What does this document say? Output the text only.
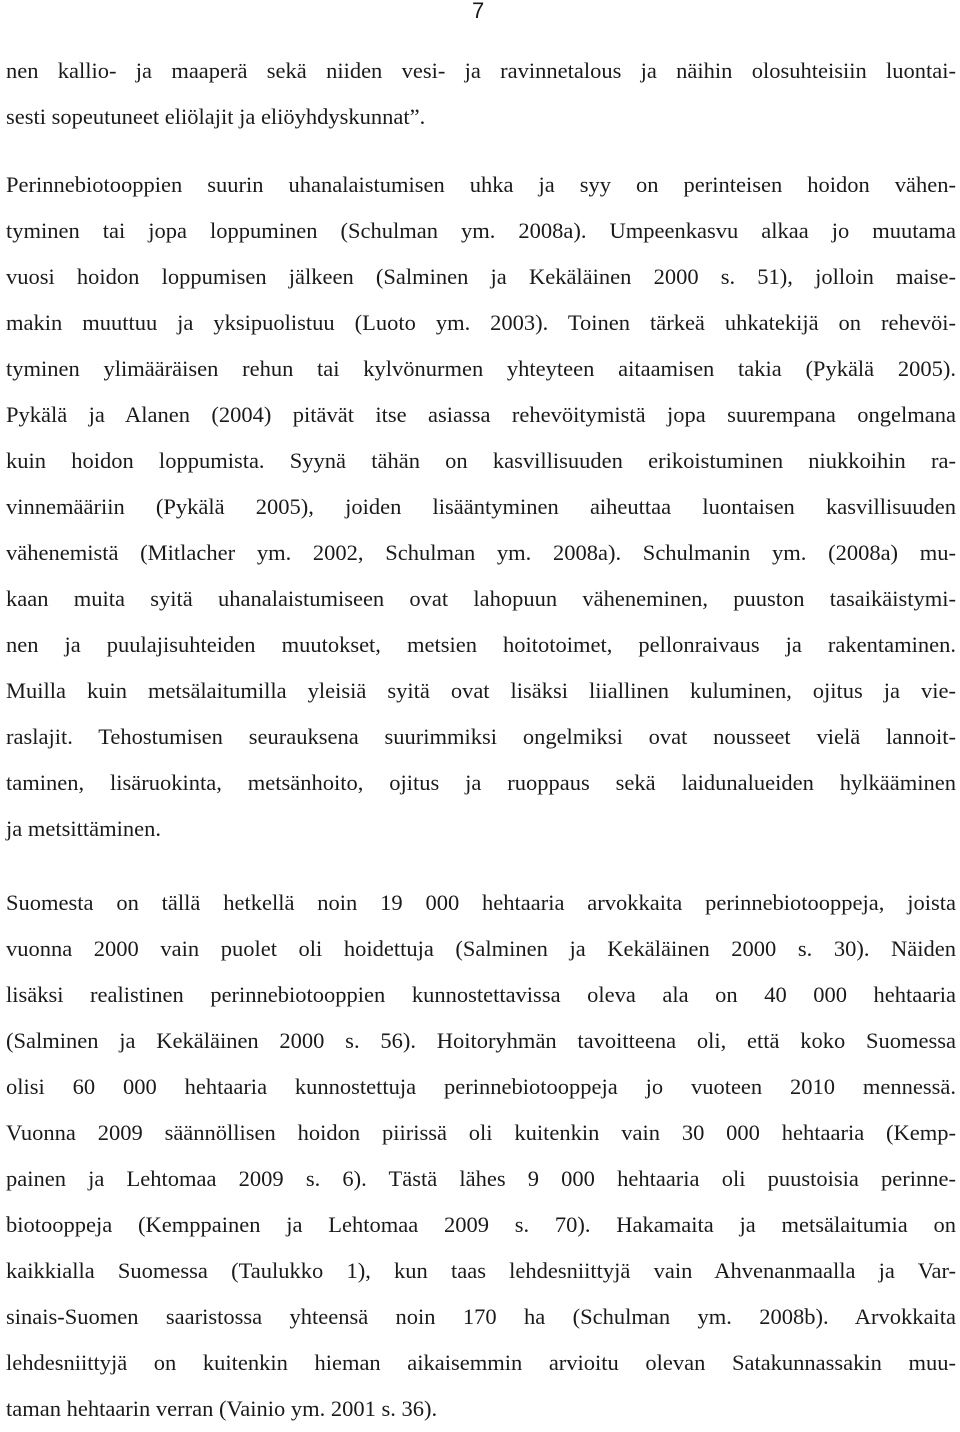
7
nen kallio- ja maaperä sekä niiden vesi- ja ravinnetalous ja näihin olosuhteisiin luontai-
sesti sopeutuneet eliölajit ja eliöyhdyskunnat”.
Perinnebiotooppien suurin uhanalaistumisen uhka ja syy on perinteisen hoidon vähen-
tyminen tai jopa loppuminen (Schulman ym. 2008a). Umpeenkasvu alkaa jo muutama
vuosi hoidon loppumisen jälkeen (Salminen ja Kekäläinen 2000 s. 51), jolloin maise-
makin muuttuu ja yksipuolistuu (Luoto ym. 2003). Toinen tärkeä uhkatekijä on rehevöi-
tyminen ylimääräisen rehun tai kylvönurmen yhteyteen aitaamisen takia (Pykälä 2005).
Pykälä ja Alanen (2004) pitävät itse asiassa rehevöitymistä jopa suurempana ongelmana
kuin hoidon loppumista. Syynä tähän on kasvillisuuden erikoistuminen niukkoihin ra-
vinnemääriin (Pykälä 2005), joiden lisääntyminen aiheuttaa luontaisen kasvillisuuden
vähenemistä (Mitlacher ym. 2002, Schulman ym. 2008a). Schulmanin ym. (2008a) mu-
kaan muita syitä uhanalaistumiseen ovat lahopuun väheneminen, puuston tasaikäistymi-
nen ja puulajisuhteiden muutokset, metsien hoitotoimet, pellonraivaus ja rakentaminen.
Muilla kuin metsälaitumilla yleisiä syitä ovat lisäksi liiallinen kuluminen, ojitus ja vie-
raslajit. Tehostumisen seurauksena suurimmiksi ongelmiksi ovat nousseet vielä lannoit-
taminen, lisäruokinta, metsänhoito, ojitus ja ruoppaus sekä laidunalueiden hylkääminen
ja metsittäminen.
Suomesta on tällä hetkellä noin 19 000 hehtaaria arvokkaita perinnebiotooppeja, joista
vuonna 2000 vain puolet oli hoidettuja (Salminen ja Kekäläinen 2000 s. 30). Näiden
lisäksi realistinen perinnebiotooppien kunnostettavissa oleva ala on 40 000 hehtaaria
(Salminen ja Kekäläinen 2000 s. 56). Hoitoryhmän tavoitteena oli, että koko Suomessa
olisi 60 000 hehtaaria kunnostettuja perinnebiotooppeja jo vuoteen 2010 mennessä.
Vuonna 2009 säännöllisen hoidon piirissä oli kuitenkin vain 30 000 hehtaaria (Kemp-
painen ja Lehtomaa 2009 s. 6). Tästä lähes 9 000 hehtaaria oli puustoisia perinne-
biotooppeja (Kemppainen ja Lehtomaa 2009 s. 70). Hakamaita ja metsälaitumia on
kaikkialla Suomessa (Taulukko 1), kun taas lehdesniittyjä vain Ahvenanmaalla ja Var-
sinais-Suomen saaristossa yhteensä noin 170 ha (Schulman ym. 2008b). Arvokkaita
lehdesniittyjä on kuitenkin hieman aikaisemmin arvioitu olevan Satakunnassakin muu-
taman hehtaarin verran (Vainio ym. 2001 s. 36).
